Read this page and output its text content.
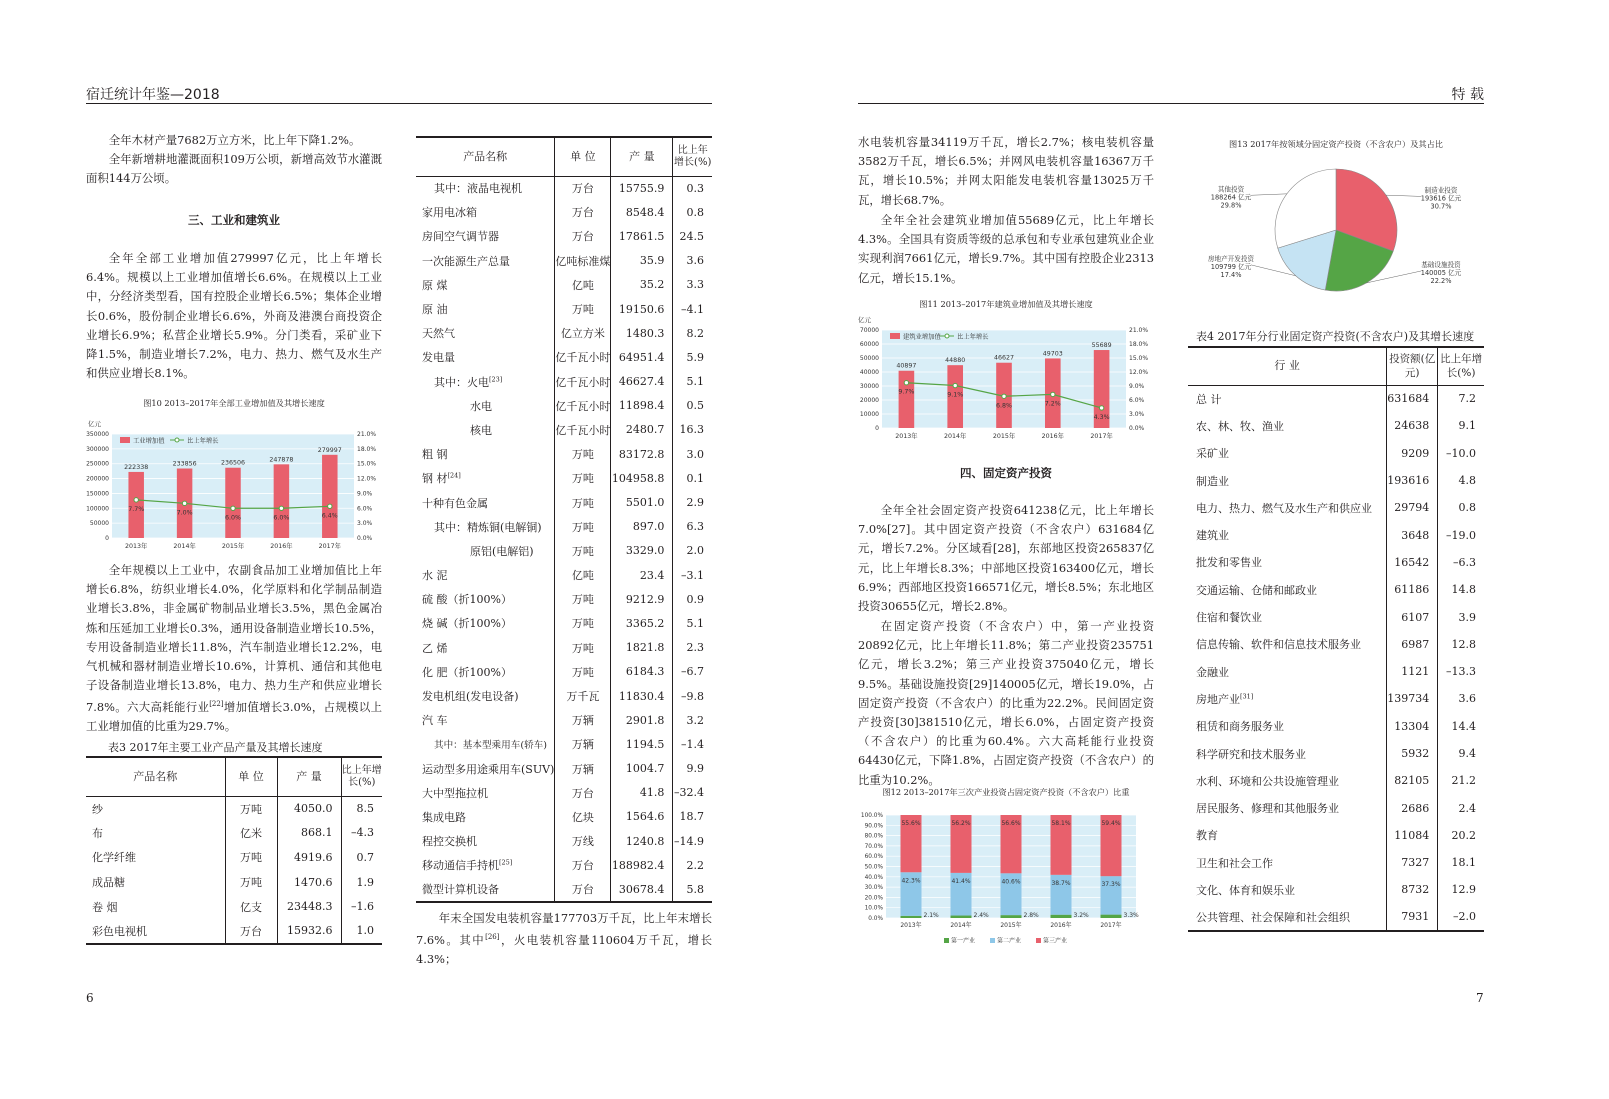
宿迁统计年鉴—2018	特 载

全年木材产量7682万立方米，比上年下降1.2%。

全年新增耕地灌溉面积109万公顷，新增高效节水灌溉面积144万公顷。

三、工业和建筑业

全年全部工业增加值279997亿元，比上年增长6.4%。规模以上工业增加值增长6.6%。在规模以上工业中，分经济类型看，国有控股企业增长6.5%；集体企业增长0.6%，股份制企业增长6.6%，外商及港澳台商投资企业增长6.9%；私营企业增长5.9%。分门类看，采矿业下降1.5%，制造业增长7.2%，电力、热力、燃气及水生产和供应业增长8.1%。

图10 2013–2017年全部工业增加值及其增长速度
亿元
0
50000
100000
150000
200000
250000
300000
350000
0.0%
3.0%
6.0%
9.0%
12.0%
15.0%
18.0%
21.0%
222338
2013年
233856
2014年
236506
2015年
247878
2016年
279997
2017年
7.7%	7.0%
6.0%	6.0%	6.4%
工业增加值	比上年增长

全年规模以上工业中，农副食品加工业增加值比上年增长6.8%，纺织业增长4.0%，化学原料和化学制品制造业增长3.8%，非金属矿物制品业增长3.5%，黑色金属冶炼和压延加工业增长0.3%，通用设备制造业增长10.5%，专用设备制造业增长11.8%，汽车制造业增长12.2%，电气机械和器材制造业增长10.6%，计算机、通信和其他电子设备制造业增长13.8%，电力、热力生产和供应业增长7.8%。六大高耗能行业[22]增加值增长3.0%，占规模以上工业增加值的比重为29.7%。

表3 2017年主要工业产品产量及其增长速度
产品名称	单 位	产 量	比上年增长(%)
纱	万吨	4050.0	8.5
布	亿米	868.1	–4.3
化学纤维	万吨	4919.6	0.7
成品糖	万吨	1470.6	1.9
卷 烟	亿支	23448.3	–1.6
彩色电视机	万台	15932.6	1.0
产品名称	单 位	产 量	比上年增长(%)
其中：液晶电视机	万台	15755.9	0.3
家用电冰箱	万台	8548.4	0.8
房间空气调节器	万台	17861.5	24.5
一次能源生产总量	亿吨标准煤	35.9	3.6
原 煤	亿吨	35.2	3.3
原 油	万吨	19150.6	–4.1
天然气	亿立方米	1480.3	8.2
发电量	亿千瓦小时	64951.4	5.9
其中：火电[23]	亿千瓦小时	46627.4	5.1
水电	亿千瓦小时	11898.4	0.5
核电	亿千瓦小时	2480.7	16.3
粗 钢	万吨	83172.8	3.0
钢 材[24]	万吨	104958.8	0.1
十种有色金属	万吨	5501.0	2.9
其中：精炼铜(电解铜)	万吨	897.0	6.3
原铝(电解铝)	万吨	3329.0	2.0
水 泥	亿吨	23.4	–3.1
硫 酸（折100%）	万吨	9212.9	0.9
烧 碱（折100%）	万吨	3365.2	5.1
乙 烯	万吨	1821.8	2.3
化 肥（折100%）	万吨	6184.3	–6.7
发电机组(发电设备)	万千瓦	11830.4	–9.8
汽 车	万辆	2901.8	3.2
其中：基本型乘用车(轿车)	万辆	1194.5	–1.4
运动型多用途乘用车(SUV)	万辆	1004.7	9.9
大中型拖拉机	万台	41.8	–32.4
集成电路	亿块	1564.6	18.7
程控交换机	万线	1240.8	–14.9
移动通信手持机[25]	万台	188982.4	2.2
微型计算机设备	万台	30678.4	5.8

年末全国发电装机容量177703万千瓦，比上年末增长7.6%。其中[26]，火电装机容量110604万千瓦，增长4.3%；

6	7

水电装机容量34119万千瓦，增长2.7%；核电装机容量3582万千瓦，增长6.5%；并网风电装机容量16367万千瓦，增长10.5%；并网太阳能发电装机容量13025万千瓦，增长68.7%。

全年全社会建筑业增加值55689亿元，比上年增长4.3%。全国具有资质等级的总承包和专业承包建筑业企业实现利润7661亿元，增长9.7%。其中国有控股企业2313亿元，增长15.1%。

图11 2013–2017年建筑业增加值及其增长速度
亿元
0
10000
20000
30000
40000
50000
60000
70000
0.0%
3.0%
6.0%
9.0%
12.0%
15.0%
18.0%
21.0%
40897
2013年
44880
2014年
46627
2015年
49703
2016年
55689
2017年
9.7%	9.1%
6.8%	7.2%
4.3%
建筑业增加值	比上年增长
四、固定资产投资

全年全社会固定资产投资641238亿元，比上年增长7.0%[27]。其中固定资产投资（不含农户）631684亿元，增长7.2%。分区域看[28]，东部地区投资265837亿元，比上年增长8.3%；中部地区投资163400亿元，增长6.9%；西部地区投资166571亿元，增长8.5%；东北地区投资30655亿元，增长2.8%。

在固定资产投资（不含农户）中，第一产业投资20892亿元，比上年增长11.8%；第二产业投资235751亿元，增长3.2%；第三产业投资375040亿元，增长9.5%。基础设施投资[29]140005亿元，增长19.0%，占固定资产投资（不含农户）的比重为22.2%。民间固定资产投资[30]381510亿元，增长6.0%，占固定资产投资（不含农户）的比重为60.4%。六大高耗能行业投资64430亿元，下降1.8%，占固定资产投资（不含农户）的比重为10.2%。

图12 2013–2017年三次产业投资占固定资产投资（不含农户）比重
0.0%
10.0%
20.0%
30.0%
40.0%
50.0%
60.0%
70.0%
80.0%
90.0%
100.0%
2.1%
42.3%
55.6%
2013年
2.4%
41.4%
56.2%
2014年
2.8%
40.6%
56.6%
2015年
3.2%
38.7%
58.1%
2016年
3.3%
37.3%
59.4%
2017年
第一产业	第二产业	第三产业
图13 2017年按领域分固定资产投资（不含农户）及其占比
制造业投资
193616 亿元
30.7%
基础设施投资
140005 亿元
22.2%
房地产开发投资
109799 亿元
17.4%
其他投资
188264 亿元
29.8%
表4 2017年分行业固定资产投资(不含农户)及其增长速度
行 业	投资额(亿元)	比上年增长(%)
总 计	631684	7.2
农、林、牧、渔业	24638	9.1
采矿业	9209	–10.0
制造业	193616	4.8
电力、热力、燃气及水生产和供应业	29794	0.8
建筑业	3648	–19.0
批发和零售业	16542	–6.3
交通运输、仓储和邮政业	61186	14.8
住宿和餐饮业	6107	3.9
信息传输、软件和信息技术服务业	6987	12.8
金融业	1121	–13.3
房地产业[31]	139734	3.6
租赁和商务服务业	13304	14.4
科学研究和技术服务业	5932	9.4
水利、环境和公共设施管理业	82105	21.2
居民服务、修理和其他服务业	2686	2.4
教育	11084	20.2
卫生和社会工作	7327	18.1
文化、体育和娱乐业	8732	12.9
公共管理、社会保障和社会组织	7931	–2.0
